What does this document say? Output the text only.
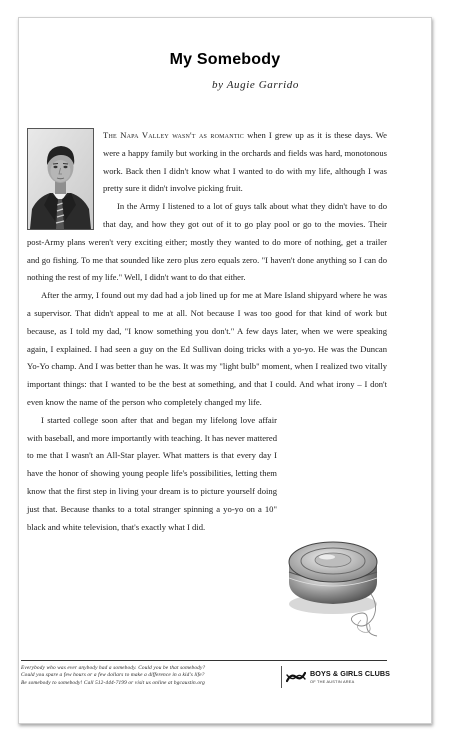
My Somebody
by Augie Garrido

The Napa Valley wasn't as romantic when I grew up as it is these days. We were a happy family but working in the orchards and fields was hard, monotonous work. Back then I didn't know what I wanted to do with my life, although I was pretty sure it didn't involve picking fruit.

In the Army I listened to a lot of guys talk about what they didn't have to do that day, and how they got out of it to go play pool or go to the movies. Their post-Army plans weren't very exciting either; mostly they wanted to do more of nothing, get a trailer and go fishing. To me that sounded like zero plus zero equals zero. "I haven't done anything so I can do nothing the rest of my life." Well, I didn't want to do that either.

After the army, I found out my dad had a job lined up for me at Mare Island shipyard where he was a supervisor. That didn't appeal to me at all. Not because I was too good for that kind of work but because, as I told my dad, "I know something you don't." A few days later, when we were speaking again, I explained. I had seen a guy on the Ed Sullivan doing tricks with a yo-yo. He was the Duncan Yo-Yo champ. And I was better than he was. It was my "light bulb" moment, when I realized two vitally important things: that I wanted to be the best at something, and that I could. And what irony – I don't even know the name of the person who completely changed my life.

I started college soon after that and began my lifelong love affair with baseball, and more importantly with teaching. It has never mattered to me that I wasn't an All-Star player. What matters is that every day I have the honor of showing young people life's possibilities, letting them know that the first step in living your dream is to picture yourself doing just that. Because thanks to a total stranger spinning a yo-yo on a 10" black and white television, that's exactly what I did.

Everybody who was ever anybody had a somebody. Could you be that somebody?
Could you spare a few hours or a few dollars to make a difference in a kid's life?
Be somebody to somebody! Call 512-444-7199 or visit us online at bgcaustin.org
BOYS & GIRLS CLUBS
OF THE AUSTIN AREA
